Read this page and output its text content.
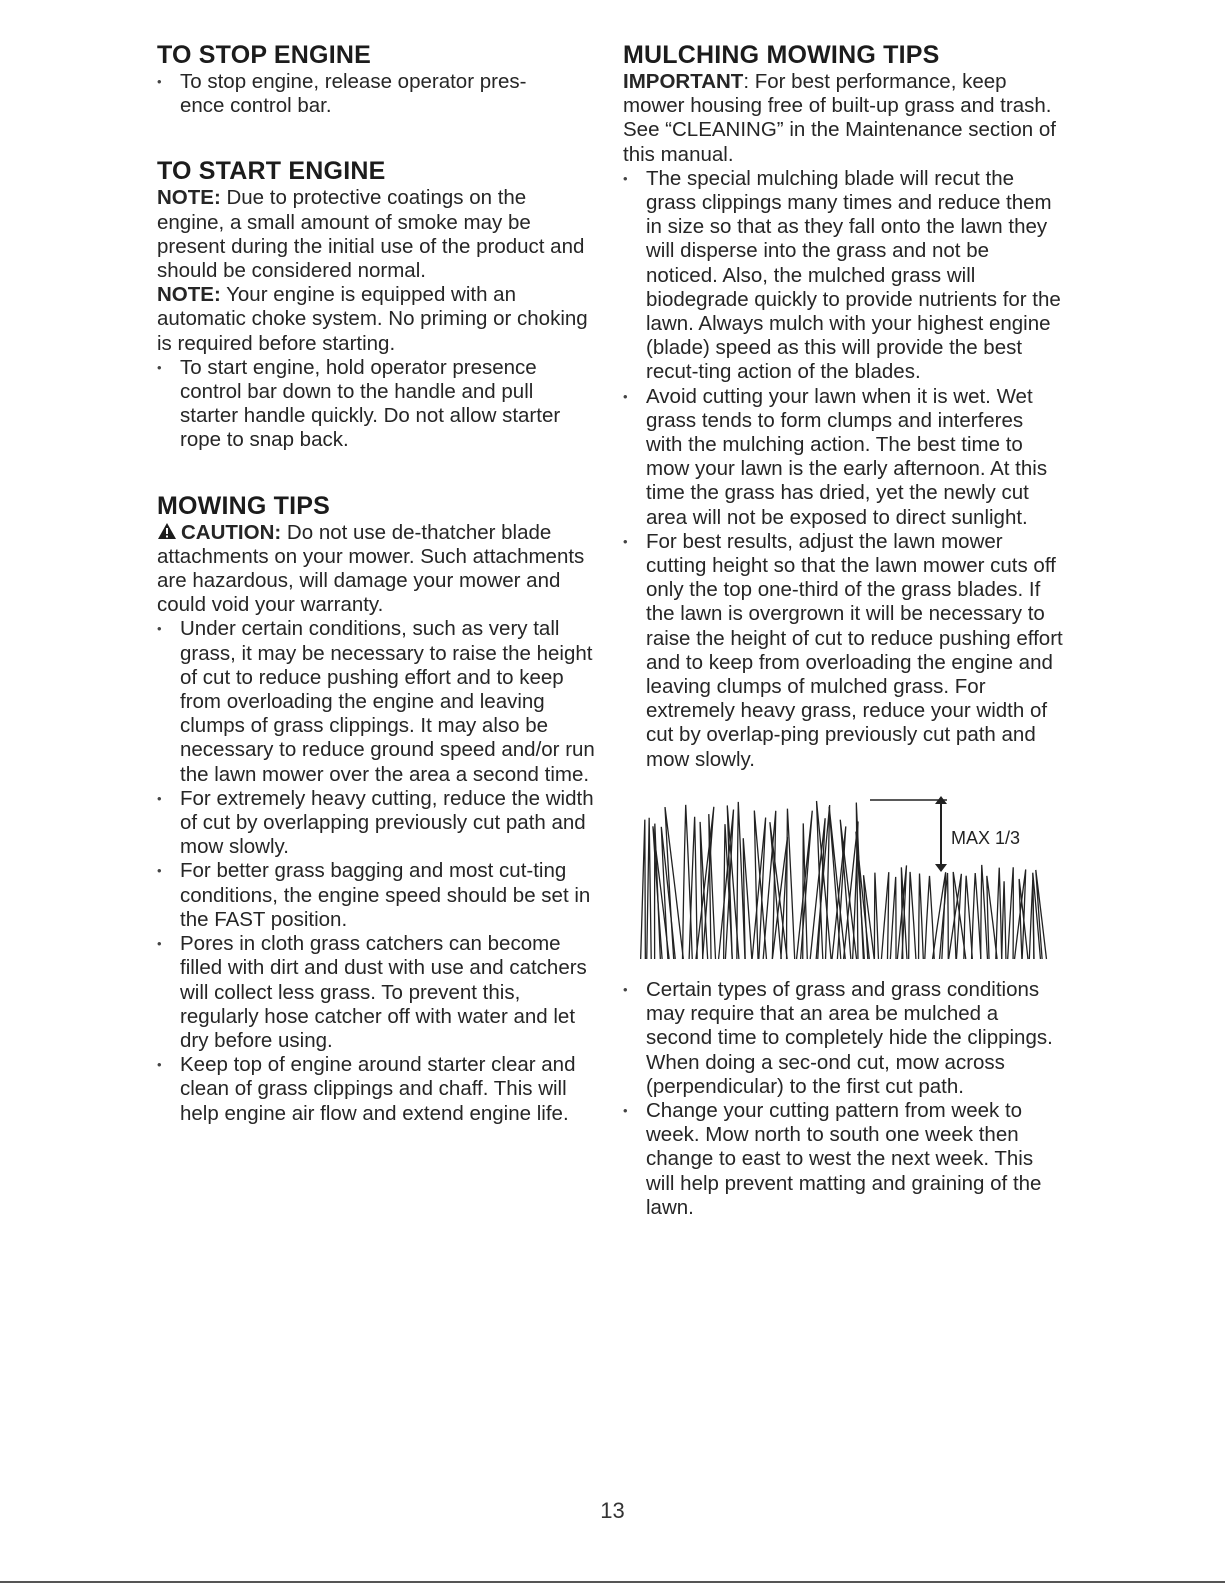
TO STOP ENGINE
• To stop engine, release operator pres-
ence control bar.
TO START ENGINE

NOTE: Due to protective coatings on the engine, a small amount of smoke may be present during the initial use of the product and should be considered normal.

NOTE: Your engine is equipped with an automatic choke system. No priming or choking is required before starting.

• To start engine, hold operator presence control bar down to the handle and pull starter handle quickly. Do not allow starter rope to snap back.
MOWING TIPS

CAUTION: Do not use de-thatcher blade attachments on your mower. Such attachments are hazardous, will damage your mower and could void your warranty.

• Under certain conditions, such as very tall grass, it may be necessary to raise the height of cut to reduce pushing effort and to keep from overloading the engine and leaving clumps of grass clippings. It may also be necessary to reduce ground speed and/or run the lawn mower over the area a second time.
• For extremely heavy cutting, reduce the width of cut by overlapping previously cut path and mow slowly.
• For better grass bagging and most cut-ting conditions, the engine speed should be set in the FAST position.
• Pores in cloth grass catchers can become filled with dirt and dust with use and catchers will collect less grass. To prevent this, regularly hose catcher off with water and let dry before using.
• Keep top of engine around starter clear and clean of grass clippings and chaff. This will help engine air flow and extend engine life.
MULCHING MOWING TIPS

IMPORTANT: For best performance, keep mower housing free of built-up grass and trash. See “CLEANING” in the Maintenance section of this manual.

• The special mulching blade will recut the grass clippings many times and reduce them in size so that as they fall onto the lawn they will disperse into the grass and not be noticed. Also, the mulched grass will biodegrade quickly to provide nutrients for the lawn. Always mulch with your highest engine (blade) speed as this will provide the best recut-ting action of the blades.
• Avoid cutting your lawn when it is wet. Wet grass tends to form clumps and interferes with the mulching action. The best time to mow your lawn is the early afternoon. At this time the grass has dried, yet the newly cut area will not be exposed to direct sunlight.
• For best results, adjust the lawn mower cutting height so that the lawn mower cuts off only the top one-third of the grass blades. If the lawn is overgrown it will be necessary to raise the height of cut to reduce pushing effort and to keep from overloading the engine and leaving clumps of mulched grass. For extremely heavy grass, reduce your width of cut by overlap-ping previously cut path and mow slowly.
MAX 1/3
• Certain types of grass and grass conditions may require that an area be mulched a second time to completely hide the clippings. When doing a sec-ond cut, mow across (perpendicular) to the first cut path.
• Change your cutting pattern from week to week. Mow north to south one week then change to east to west the next week. This will help prevent matting and graining of the lawn.
13
